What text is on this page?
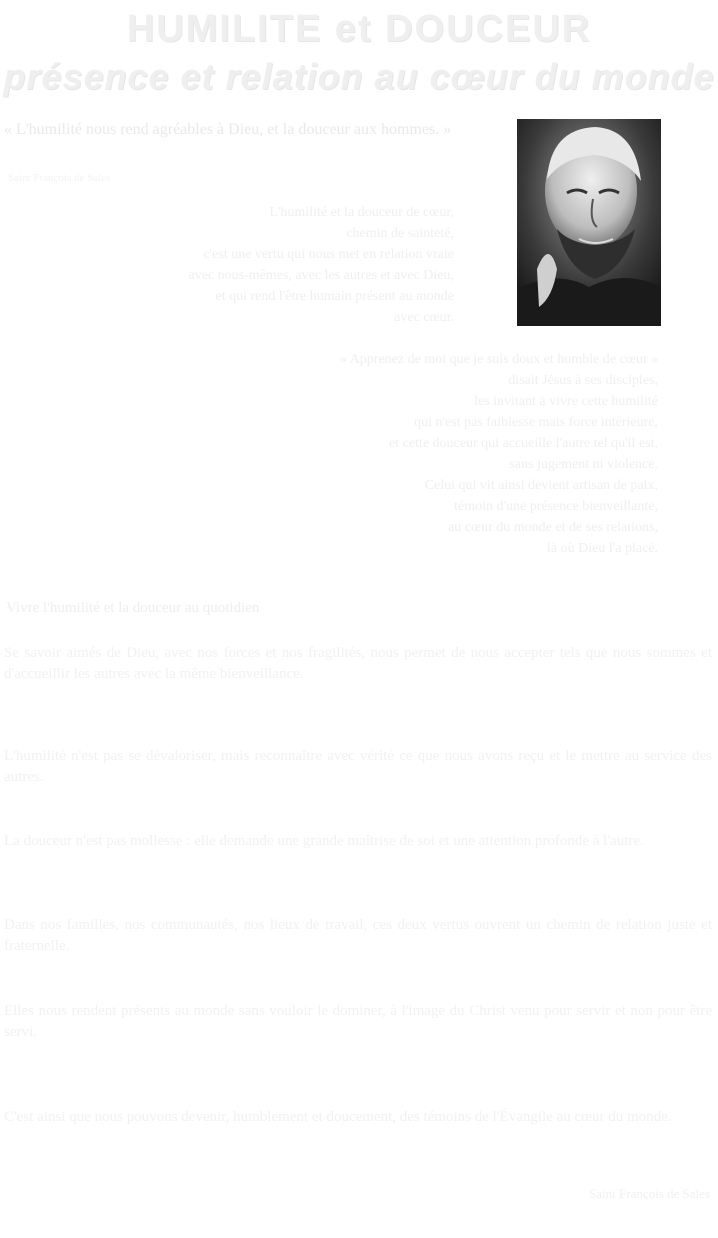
HUMILITE et DOUCEUR
présence et relation au cœur du monde
« L'humilité nous rend agréables à Dieu, et la douceur aux hommes. »
Saint François de Sales
L'humilité et la douceur de cœur,
chemin de sainteté,
c'est une vertu qui nous met en relation vraie
avec nous-mêmes, avec les autres et avec Dieu,
et qui rend l'être humain présent au monde
avec cœur.
« Apprenez de moi que je suis doux et humble de cœur »
disait Jésus à ses disciples,
les invitant à vivre cette humilité
qui n'est pas faiblesse mais force intérieure,
et cette douceur qui accueille l'autre tel qu'il est,
sans jugement ni violence.
Celui qui vit ainsi devient artisan de paix,
témoin d'une présence bienveillante,
au cœur du monde et de ses relations,
là où Dieu l'a placé.
Vivre l'humilité et la douceur au quotidien
Se savoir aimés de Dieu, avec nos forces et nos fragilités, nous permet de nous accepter tels que nous sommes et d'accueillir les autres avec la même bienveillance.
L'humilité n'est pas se dévaloriser, mais reconnaître avec vérité ce que nous avons reçu et le mettre au service des autres.
La douceur n'est pas mollesse : elle demande une grande maîtrise de soi et une attention profonde à l'autre.
Dans nos familles, nos communautés, nos lieux de travail, ces deux vertus ouvrent un chemin de relation juste et fraternelle.
Elles nous rendent présents au monde sans vouloir le dominer, à l'image du Christ venu pour servir et non pour être servi.
C'est ainsi que nous pouvons devenir, humblement et doucement, des témoins de l'Évangile au cœur du monde.
Saint François de Sales
